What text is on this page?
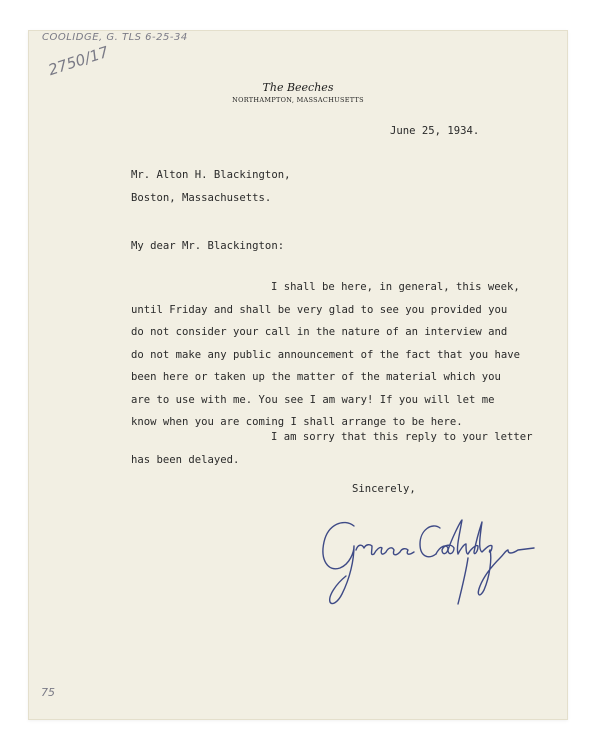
COOLIDGE, G. TLS 6-25-34
2750/17
The Beeches
NORTHAMPTON, MASSACHUSETTS
June 25, 1934.
Mr. Alton H. Blackington,
Boston, Massachusetts.
My dear Mr. Blackington:
I shall be here, in general, this week,
until Friday and shall be very glad to see you provided you
do not consider your call in the nature of an interview and
do not make any public announcement of the fact that you have
been here or taken up the matter of the material which you
are to use with me. You see I am wary! If you will let me
know when you are coming I shall arrange to be here.
I am sorry that this reply to your letter
has been delayed.
Sincerely,
75
